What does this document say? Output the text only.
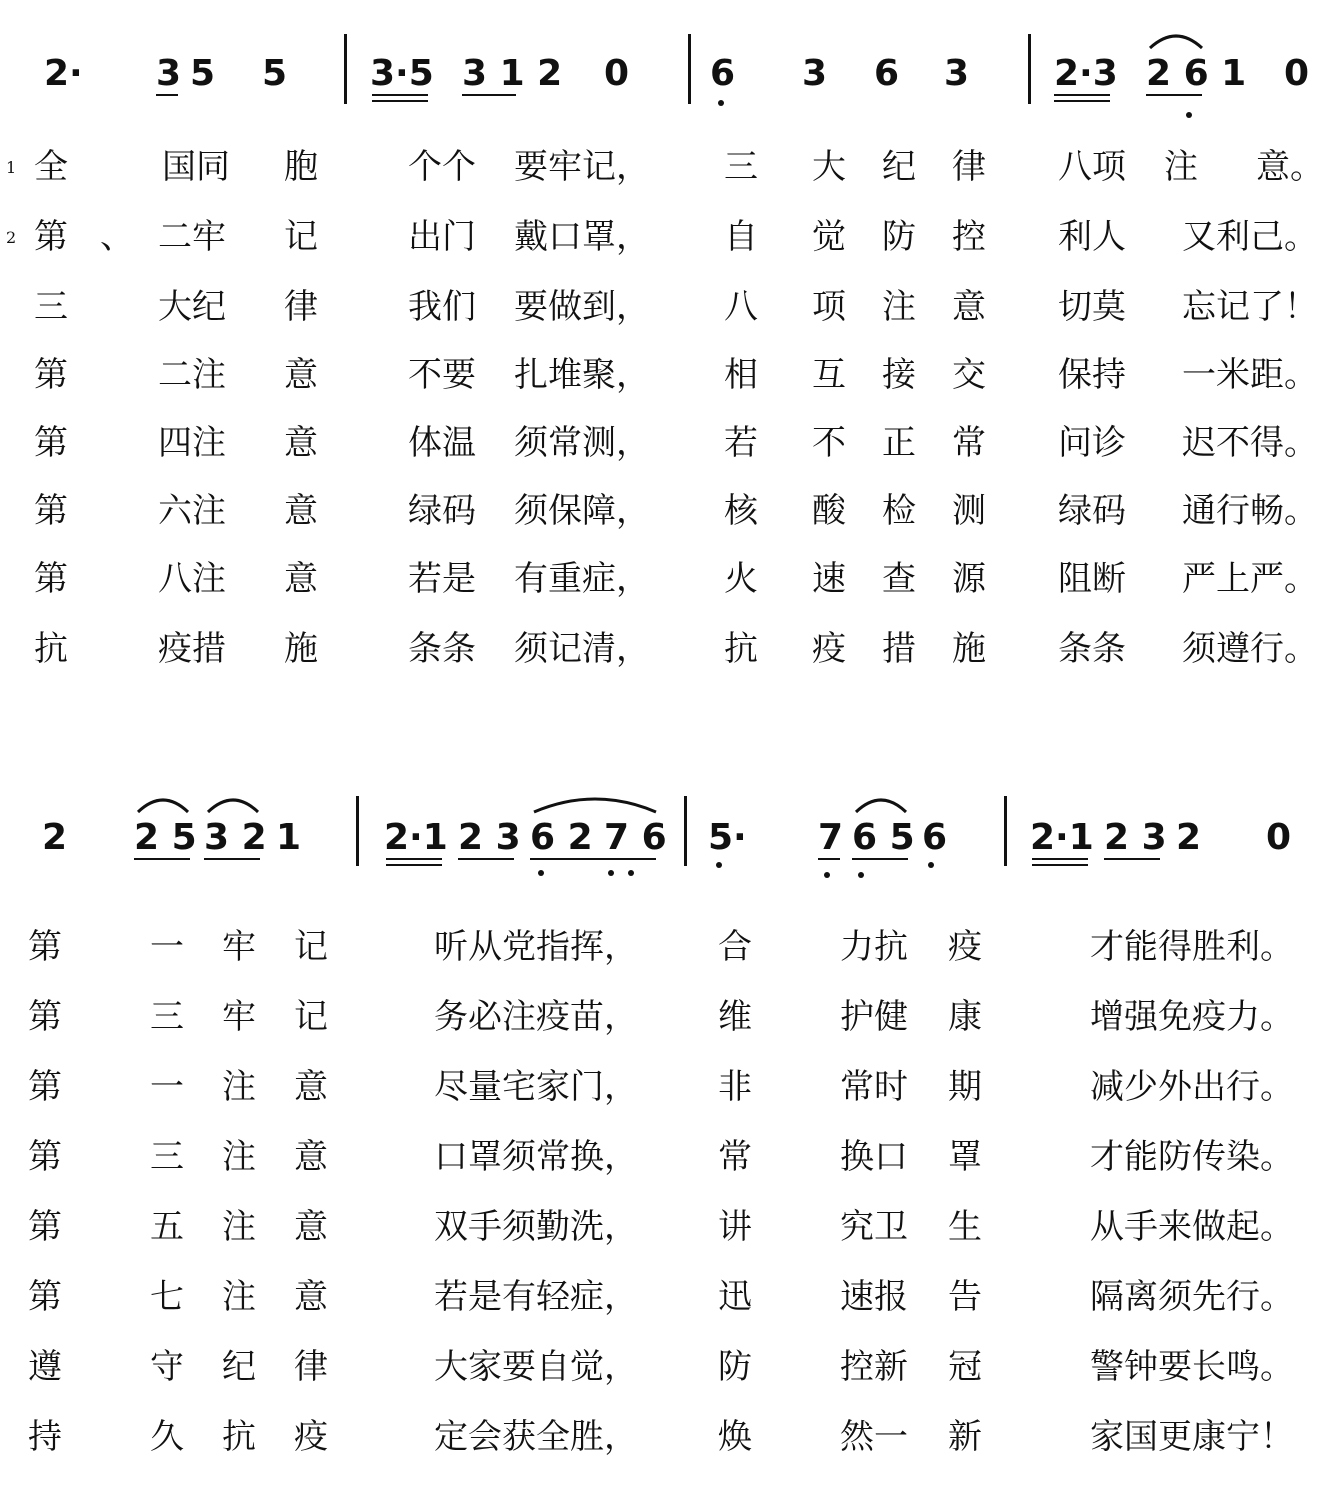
2· 3 5 5 3·5 3 1 2 0 6 3 6 3 2·3 2 6 1 0
1
2
全	国同 胞	个个 要牢记， 三 大 纪 律 八项 注 意。
第 、 二牢 记	出门 戴口罩， 自 觉 防 控 利人 又利己。
三	大纪 律	我们 要做到， 八 项 注 意 切莫 忘记了！
第	二注 意	不要 扎堆聚， 相 互 接 交 保持 一米距。
第	四注 意	体温 须常测， 若 不 正 常 问诊 迟不得。
第	六注 意	绿码 须保障， 核 酸 检 测 绿码 通行畅。
第	八注 意	若是 有重症， 火 速 查 源 阻断 严上严。
抗	疫措 施	条条 须记清， 抗 疫 措 施 条条 须遵行。
2 2 5 3 2 1 2·1 2 3 6 2 7 6 5· 7 6 5 6 2·1 2 3 2 0
第	一 牢 记	听从党指挥， 合	力抗 疫	才能得胜利。
第	三 牢 记	务必注疫苗， 维	护健 康	增强免疫力。
第	一 注 意	尽量宅家门， 非	常时 期	减少外出行。
第	三 注 意	口罩须常换， 常	换口 罩	才能防传染。
第	五 注 意	双手须勤洗， 讲	究卫 生	从手来做起。
第	七 注 意	若是有轻症， 迅	速报 告	隔离须先行。
遵	守 纪 律	大家要自觉， 防	控新 冠	警钟要长鸣。
持	久 抗 疫	定会获全胜， 焕	然一 新	家国更康宁！
